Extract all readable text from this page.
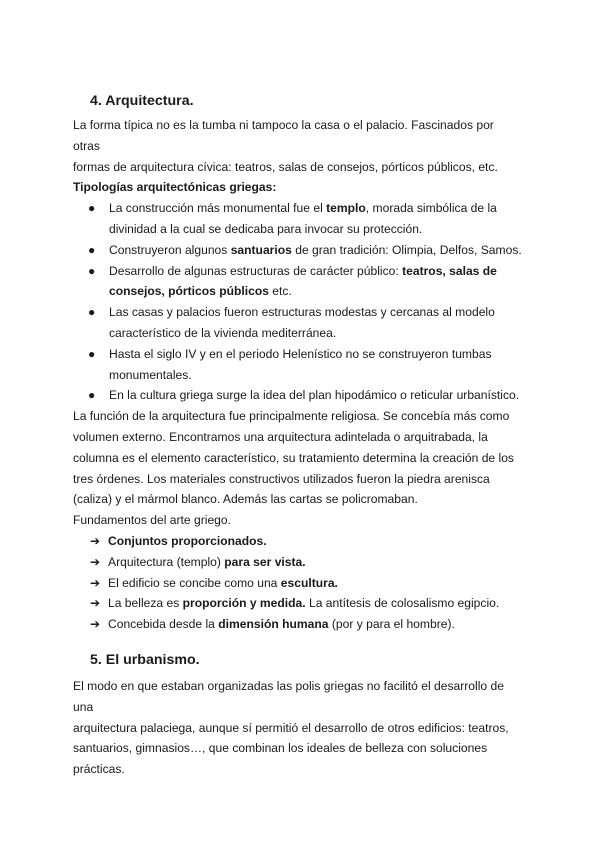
4. Arquitectura.

La forma típica no es la tumba ni tampoco la casa o el palacio. Fascinados por otras

formas de arquitectura cívica: teatros, salas de consejos, pórticos públicos, etc.

Tipologías arquitectónicas griegas:

● La construcción más monumental fue el templo, morada simbólica de la
divinidad a la cual se dedicaba para invocar su protección.
● Construyeron algunos santuarios de gran tradición: Olimpia, Delfos, Samos.
● Desarrollo de algunas estructuras de carácter público: teatros, salas de
consejos, pórticos públicos etc.
● Las casas y palacios fueron estructuras modestas y cercanas al modelo
característico de la vivienda mediterránea.
● Hasta el siglo IV y en el periodo Helenístico no se construyeron tumbas
monumentales.
● En la cultura griega surge la idea del plan hipodámico o reticular urbanístico.

La función de la arquitectura fue principalmente religiosa. Se concebía más como

volumen externo. Encontramos una arquitectura adintelada o arquitrabada, la

columna es el elemento característico, su tratamiento determina la creación de los

tres órdenes. Los materiales constructivos utilizados fueron la piedra arenisca

(caliza) y el mármol blanco. Además las cartas se policromaban.

Fundamentos del arte griego.

➔ Conjuntos proporcionados.
➔ Arquitectura (templo) para ser vista.
➔ El edificio se concibe como una escultura.
➔ La belleza es proporción y medida. La antítesis de colosalismo egipcio.
➔ Concebida desde la dimensión humana (por y para el hombre).
5. El urbanismo.

El modo en que estaban organizadas las polis griegas no facilitó el desarrollo de una

arquitectura palaciega, aunque sí permitió el desarrollo de otros edificios: teatros,

santuarios, gimnasios…, que combinan los ideales de belleza con soluciones

prácticas.
